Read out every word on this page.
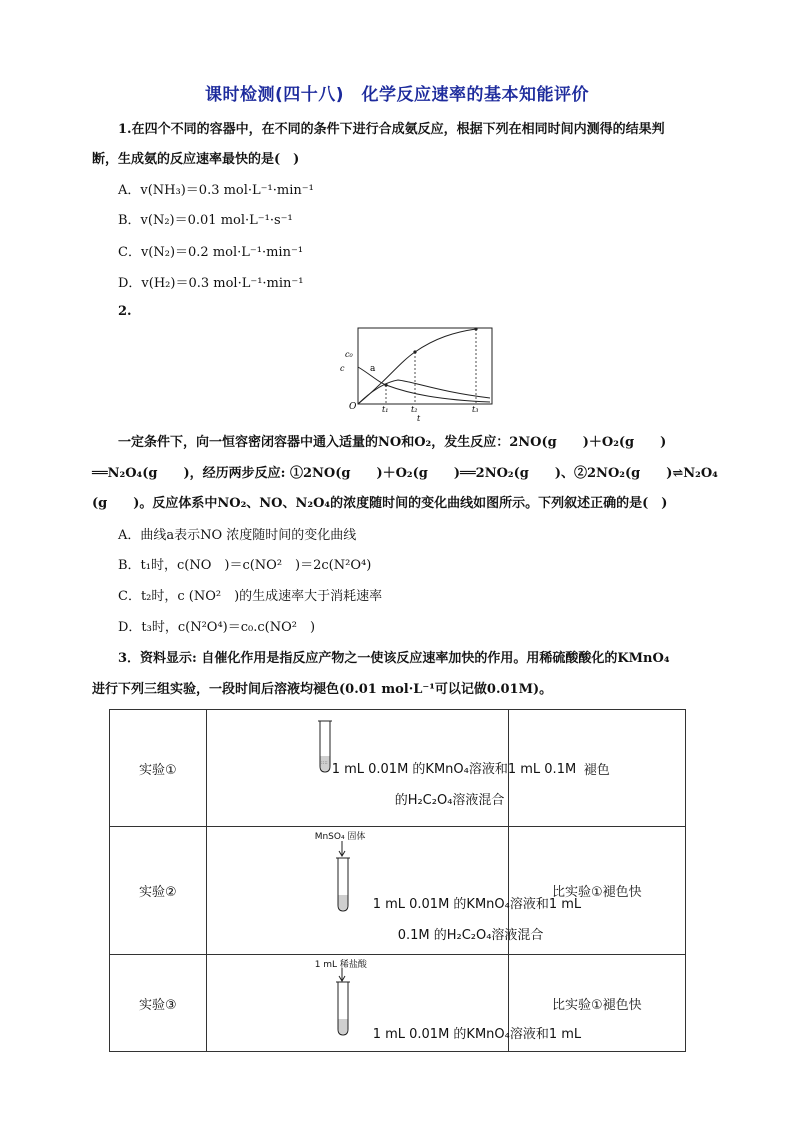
课时检测(四十八)　化学反应速率的基本知能评价
1.在四个不同的容器中，在不同的条件下进行合成氨反应，根据下列在相同时间内测得的结果判
断，生成氨的反应速率最快的是(　)
A．v(NH₃)＝0.3 mol·L⁻¹·min⁻¹
B．v(N₂)＝0.01 mol·L⁻¹·s⁻¹
C．v(N₂)＝0.2 mol·L⁻¹·min⁻¹
D．v(H₂)＝0.3 mol·L⁻¹·min⁻¹
2.
c₀
c	a
O	t₁	t₂
t
t₃
一定条件下，向一恒容密闭容器中通入适量的NO和O₂，发生反应：2NO(g　　)＋O₂(g　　)
══N₂O₄(g　　)，经历两步反应: ①2NO(g　　)＋O₂(g　　)══2NO₂(g　　)、②2NO₂(g　　)⇌N₂O₄
(g　　)。反应体系中NO₂、NO、N₂O₄的浓度随时间的变化曲线如图所示。下列叙述正确的是(　)
A．曲线a表示NO 浓度随时间的变化曲线
B．t₁时，c(NO　)＝c(NO²　)＝2c(N²O⁴)
C．t₂时，c (NO²　)的生成速率大于消耗速率
D．t₃时，c(N²O⁴)＝c₀.c(NO²　)
3．资料显示: 自催化作用是指反应产物之一使该反应速率加快的作用。用稀硫酸酸化的KMnO₄
进行下列三组实验，一段时间后溶液均褪色(0.01 mol·L⁻¹可以记做0.01M)。
实验①	:::: 1 mL 0.01M 的KMnO₄溶液和1 mL 0.1M
的H₂C₂O₄溶液混合	褪色
实验②	MnSO₄ 固体
1 mL 0.01M 的KMnO₄溶液和1 mL
0.1M 的H₂C₂O₄溶液混合	比实验①褪色快
实验③	1 mL 稀盐酸
1 mL 0.01M 的KMnO₄溶液和1 mL	比实验①褪色快
